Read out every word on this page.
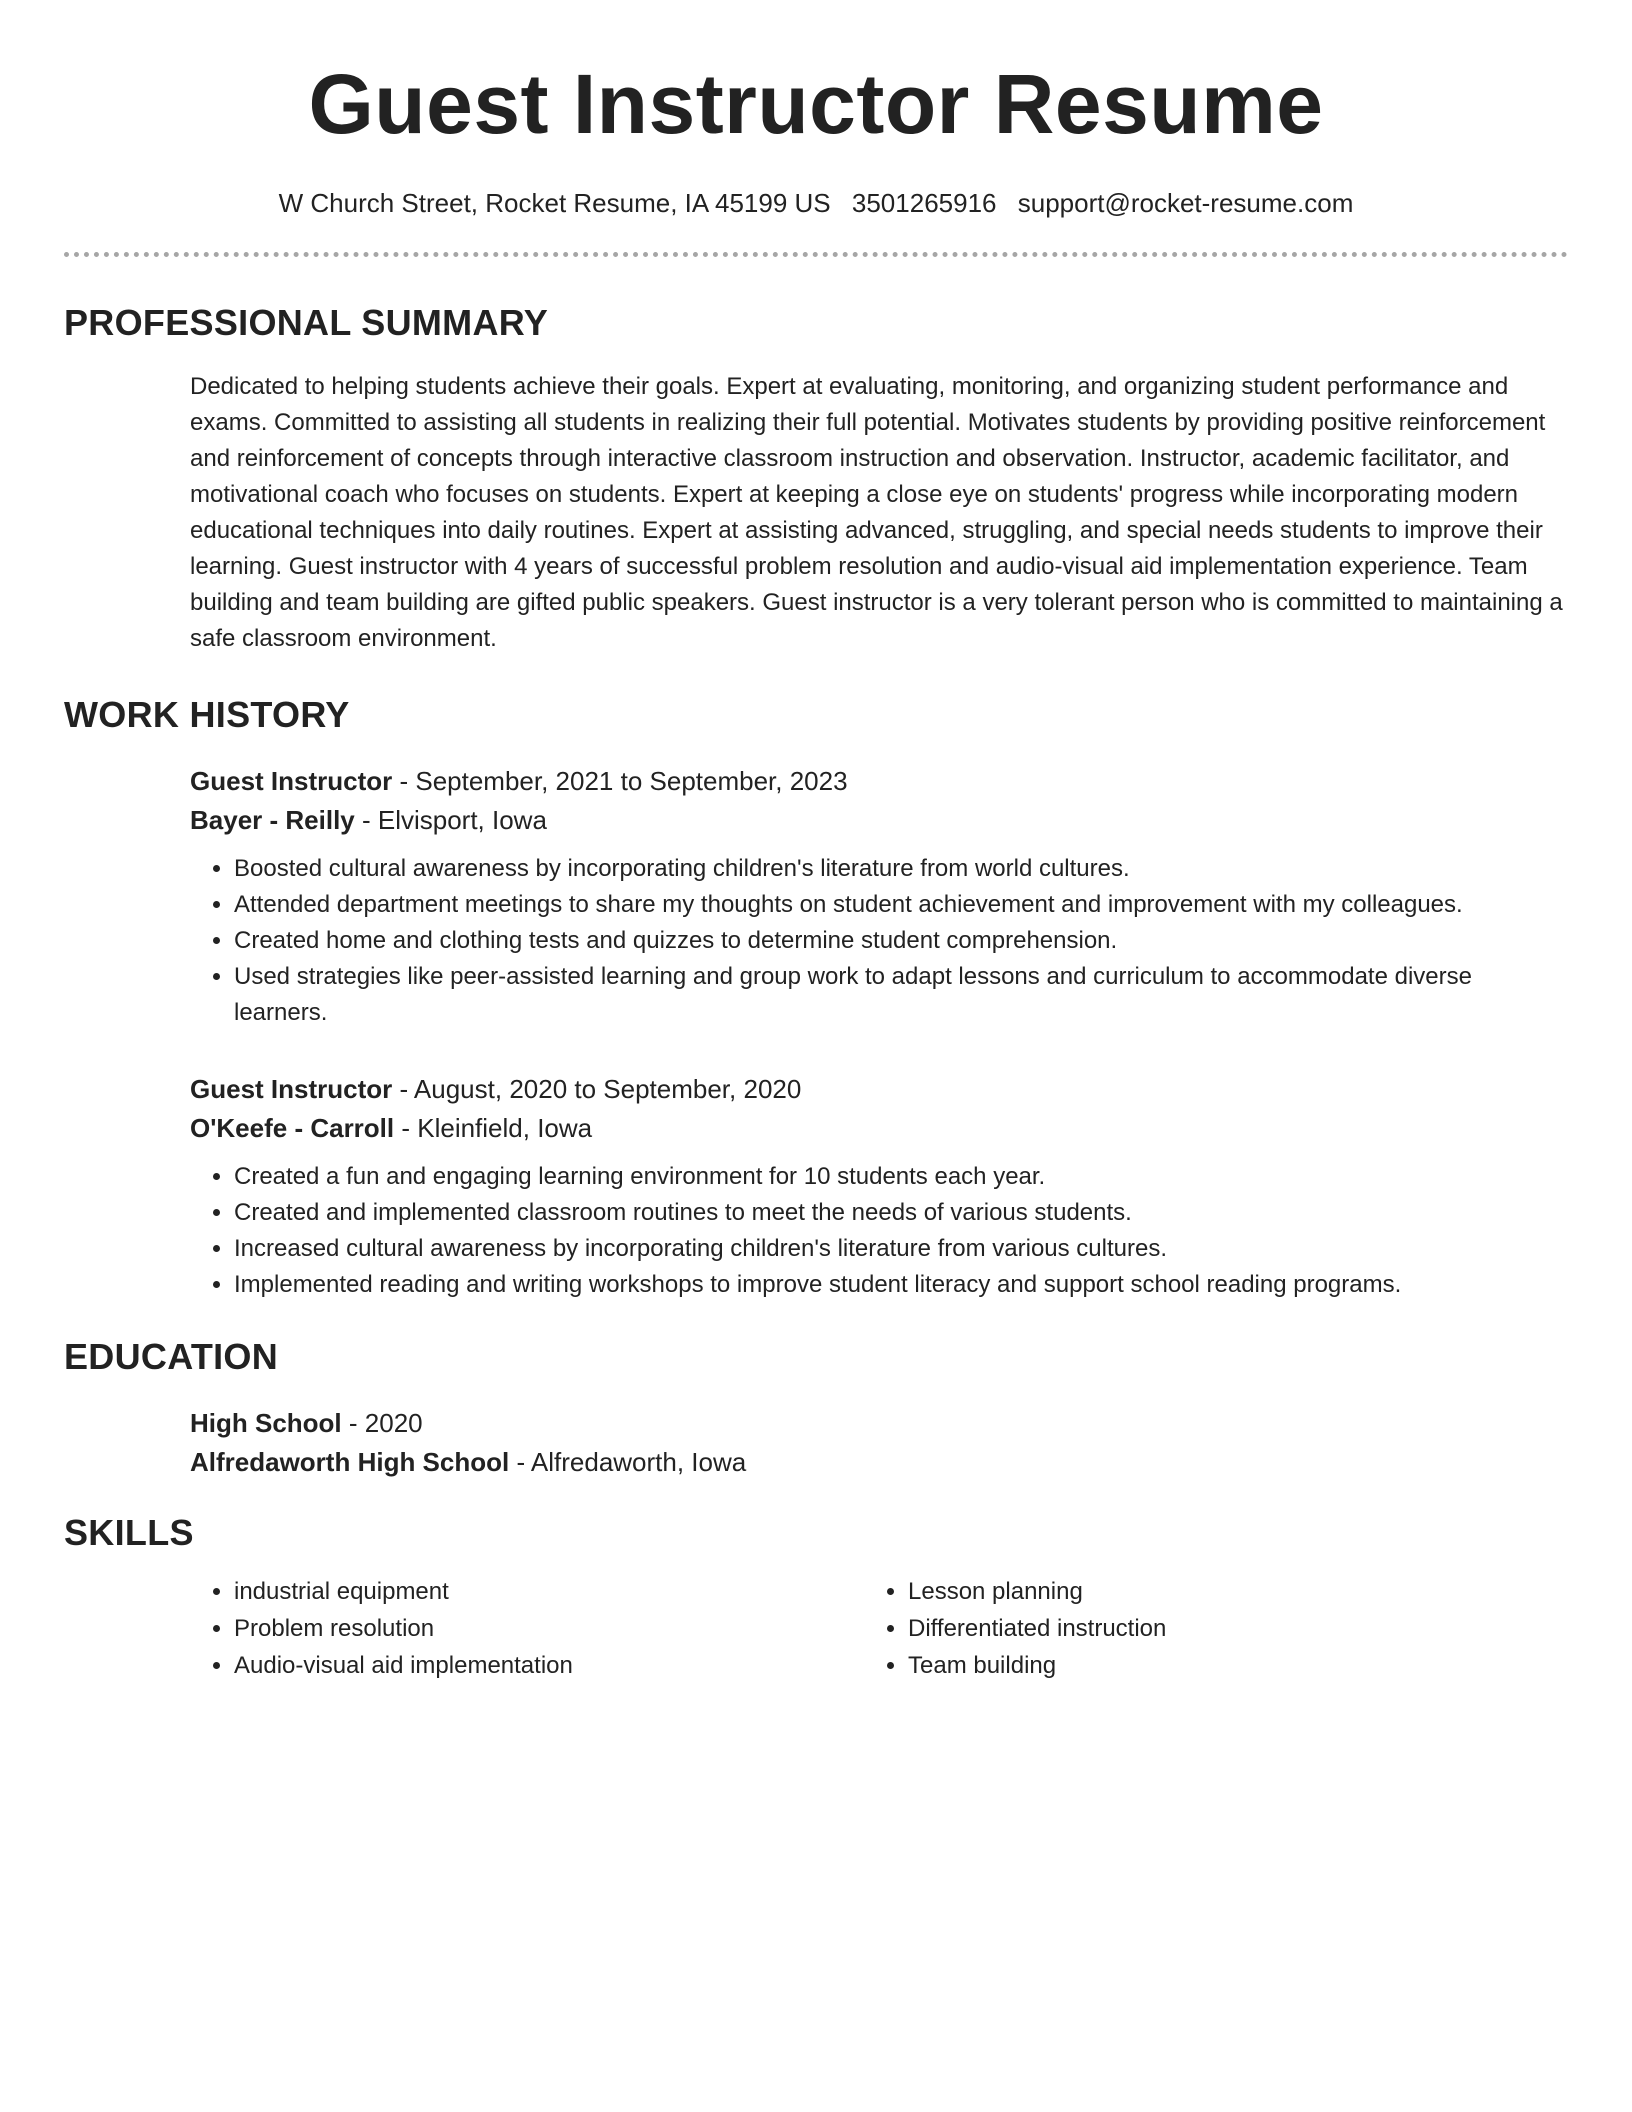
Guest Instructor Resume
W Church Street, Rocket Resume, IA 45199 US 3501265916 support@rocket-resume.com
PROFESSIONAL SUMMARY

Dedicated to helping students achieve their goals. Expert at evaluating, monitoring, and organizing student performance and exams. Committed to assisting all students in realizing their full potential. Motivates students by providing positive reinforcement and reinforcement of concepts through interactive classroom instruction and observation. Instructor, academic facilitator, and motivational coach who focuses on students. Expert at keeping a close eye on students' progress while incorporating modern educational techniques into daily routines. Expert at assisting advanced, struggling, and special needs students to improve their learning. Guest instructor with 4 years of successful problem resolution and audio-visual aid implementation experience. Team building and team building are gifted public speakers. Guest instructor is a very tolerant person who is committed to maintaining a safe classroom environment.

WORK HISTORY
Guest Instructor - September, 2021 to September, 2023
Bayer - Reilly - Elvisport, Iowa
• Boosted cultural awareness by incorporating children's literature from world cultures.
• Attended department meetings to share my thoughts on student achievement and improvement with my colleagues.
• Created home and clothing tests and quizzes to determine student comprehension.
• Used strategies like peer-assisted learning and group work to adapt lessons and curriculum to accommodate diverse learners.
Guest Instructor - August, 2020 to September, 2020
O'Keefe - Carroll - Kleinfield, Iowa
• Created a fun and engaging learning environment for 10 students each year.
• Created and implemented classroom routines to meet the needs of various students.
• Increased cultural awareness by incorporating children's literature from various cultures.
• Implemented reading and writing workshops to improve student literacy and support school reading programs.
EDUCATION
High School - 2020
Alfredaworth High School - Alfredaworth, Iowa
SKILLS
• industrial equipment
• Problem resolution
• Audio-visual aid implementation
• Lesson planning
• Differentiated instruction
• Team building
